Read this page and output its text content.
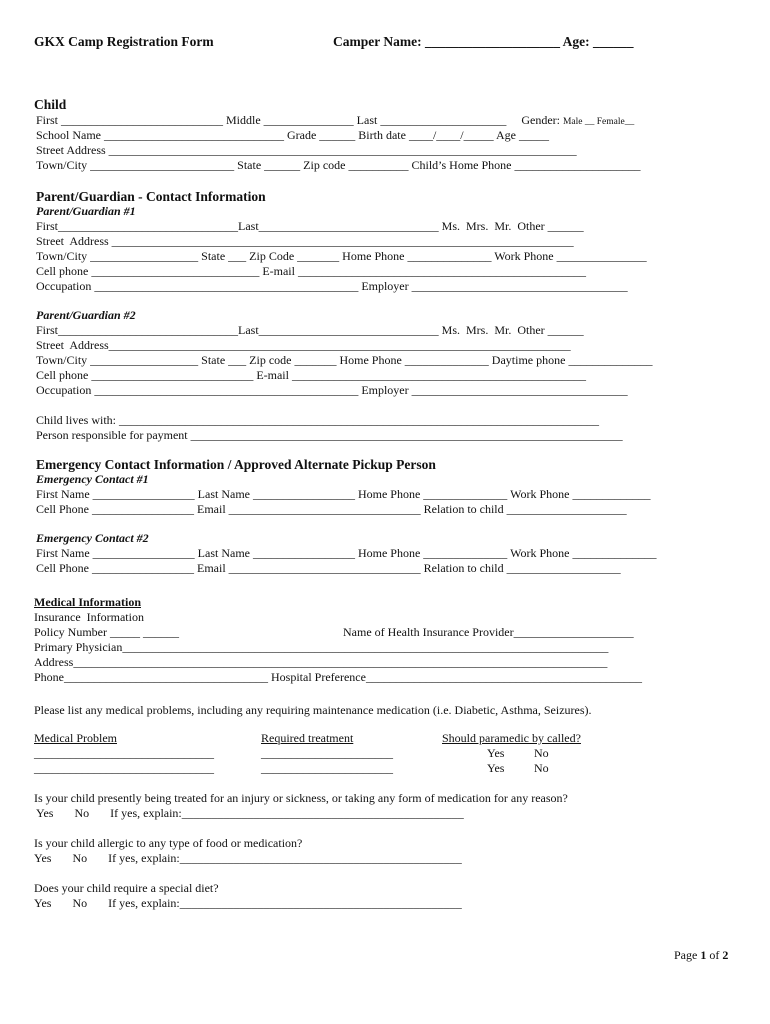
GKX Camp Registration Form	Camper Name: ____________________ Age: ______
Child
First ___________________________ Middle _______________ Last _____________________     Gender: Male __ Female__
School Name ______________________________ Grade ______ Birth date ____/____/_____ Age _____
Street Address ______________________________________________________________________________
Town/City ________________________ State ______ Zip code __________ Child’s Home Phone _____________________
Parent/Guardian - Contact Information
Parent/Guardian #1
First______________________________Last______________________________ Ms.  Mrs.  Mr.  Other ______
Street  Address _____________________________________________________________________________
Town/City __________________ State ___ Zip Code _______ Home Phone ______________ Work Phone _______________
Cell phone ____________________________ E-mail ________________________________________________
Occupation ____________________________________________ Employer ____________________________________
Parent/Guardian #2
First______________________________Last______________________________ Ms.  Mrs.  Mr.  Other ______
Street  Address_____________________________________________________________________________
Town/City __________________ State ___ Zip code _______ Home Phone ______________ Daytime phone ______________
Cell phone ___________________________ E-mail _________________________________________________
Occupation ____________________________________________ Employer ____________________________________
Child lives with: ________________________________________________________________________________
Person responsible for payment ________________________________________________________________________
Emergency Contact Information / Approved Alternate Pickup Person
Emergency Contact #1
First Name _________________ Last Name _________________ Home Phone ______________ Work Phone _____________
Cell Phone _________________ Email ________________________________ Relation to child ____________________
Emergency Contact #2
First Name _________________ Last Name _________________ Home Phone ______________ Work Phone ______________
Cell Phone _________________ Email ________________________________ Relation to child ___________________
Medical Information
Insurance  Information
Policy Number _____ ______	Name of Health Insurance Provider____________________
Primary Physician_________________________________________________________________________________
Address_________________________________________________________________________________________
Phone__________________________________ Hospital Preference______________________________________________
Please list any medical problems, including any requiring maintenance medication (i.e. Diabetic, Asthma, Seizures).
Medical Problem	Required treatment	Should paramedic by called?
______________________________	______________________	Yes No
______________________________	______________________	Yes No
Is your child presently being treated for an injury or sickness, or taking any form of medication for any reason?
Yes       No       If yes, explain:_______________________________________________
Is your child allergic to any type of food or medication?
Yes       No       If yes, explain:_______________________________________________
Does your child require a special diet?
Yes       No       If yes, explain:_______________________________________________
Page 1 of 2
